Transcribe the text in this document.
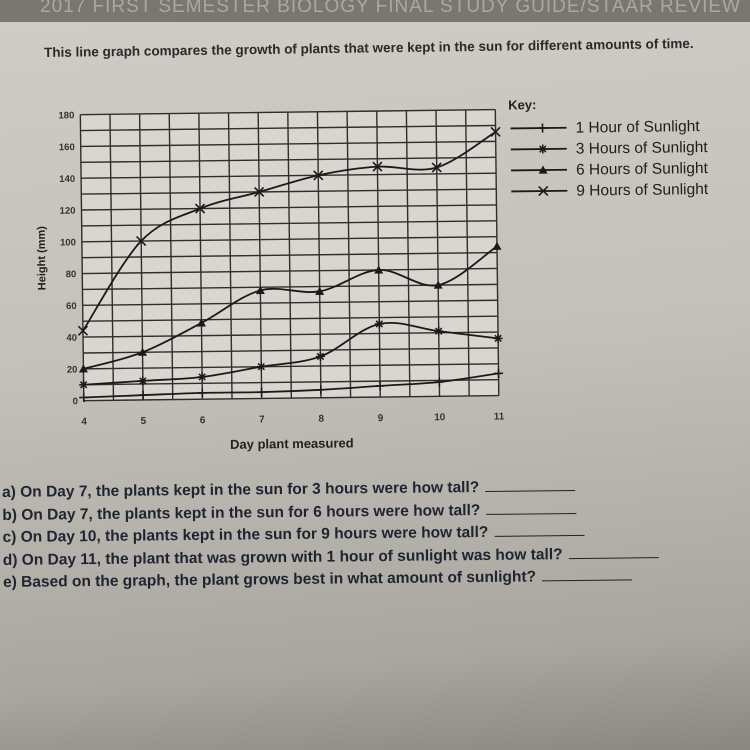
2017 FIRST SEMESTER BIOLOGY FINAL STUDY GUIDE/STAAR REVIEW
This line graph compares the growth of plants that were kept in the sun for different amounts of time.
0
20
40
60
80
100
120
140
160
180
4	5	6	7	8	9	10	11
Day plant measured
Height (mm)
Key:
1 Hour of Sunlight
3 Hours of Sunlight
6 Hours of Sunlight
9 Hours of Sunlight
a) On Day 7, the plants kept in the sun for 3 hours were how tall?
b) On Day 7, the plants kept in the sun for 6 hours were how tall?
c) On Day 10, the plants kept in the sun for 9 hours were how tall?
d) On Day 11, the plant that was grown with 1 hour of sunlight was how tall?
e) Based on the graph, the plant grows best in what amount of sunlight?
